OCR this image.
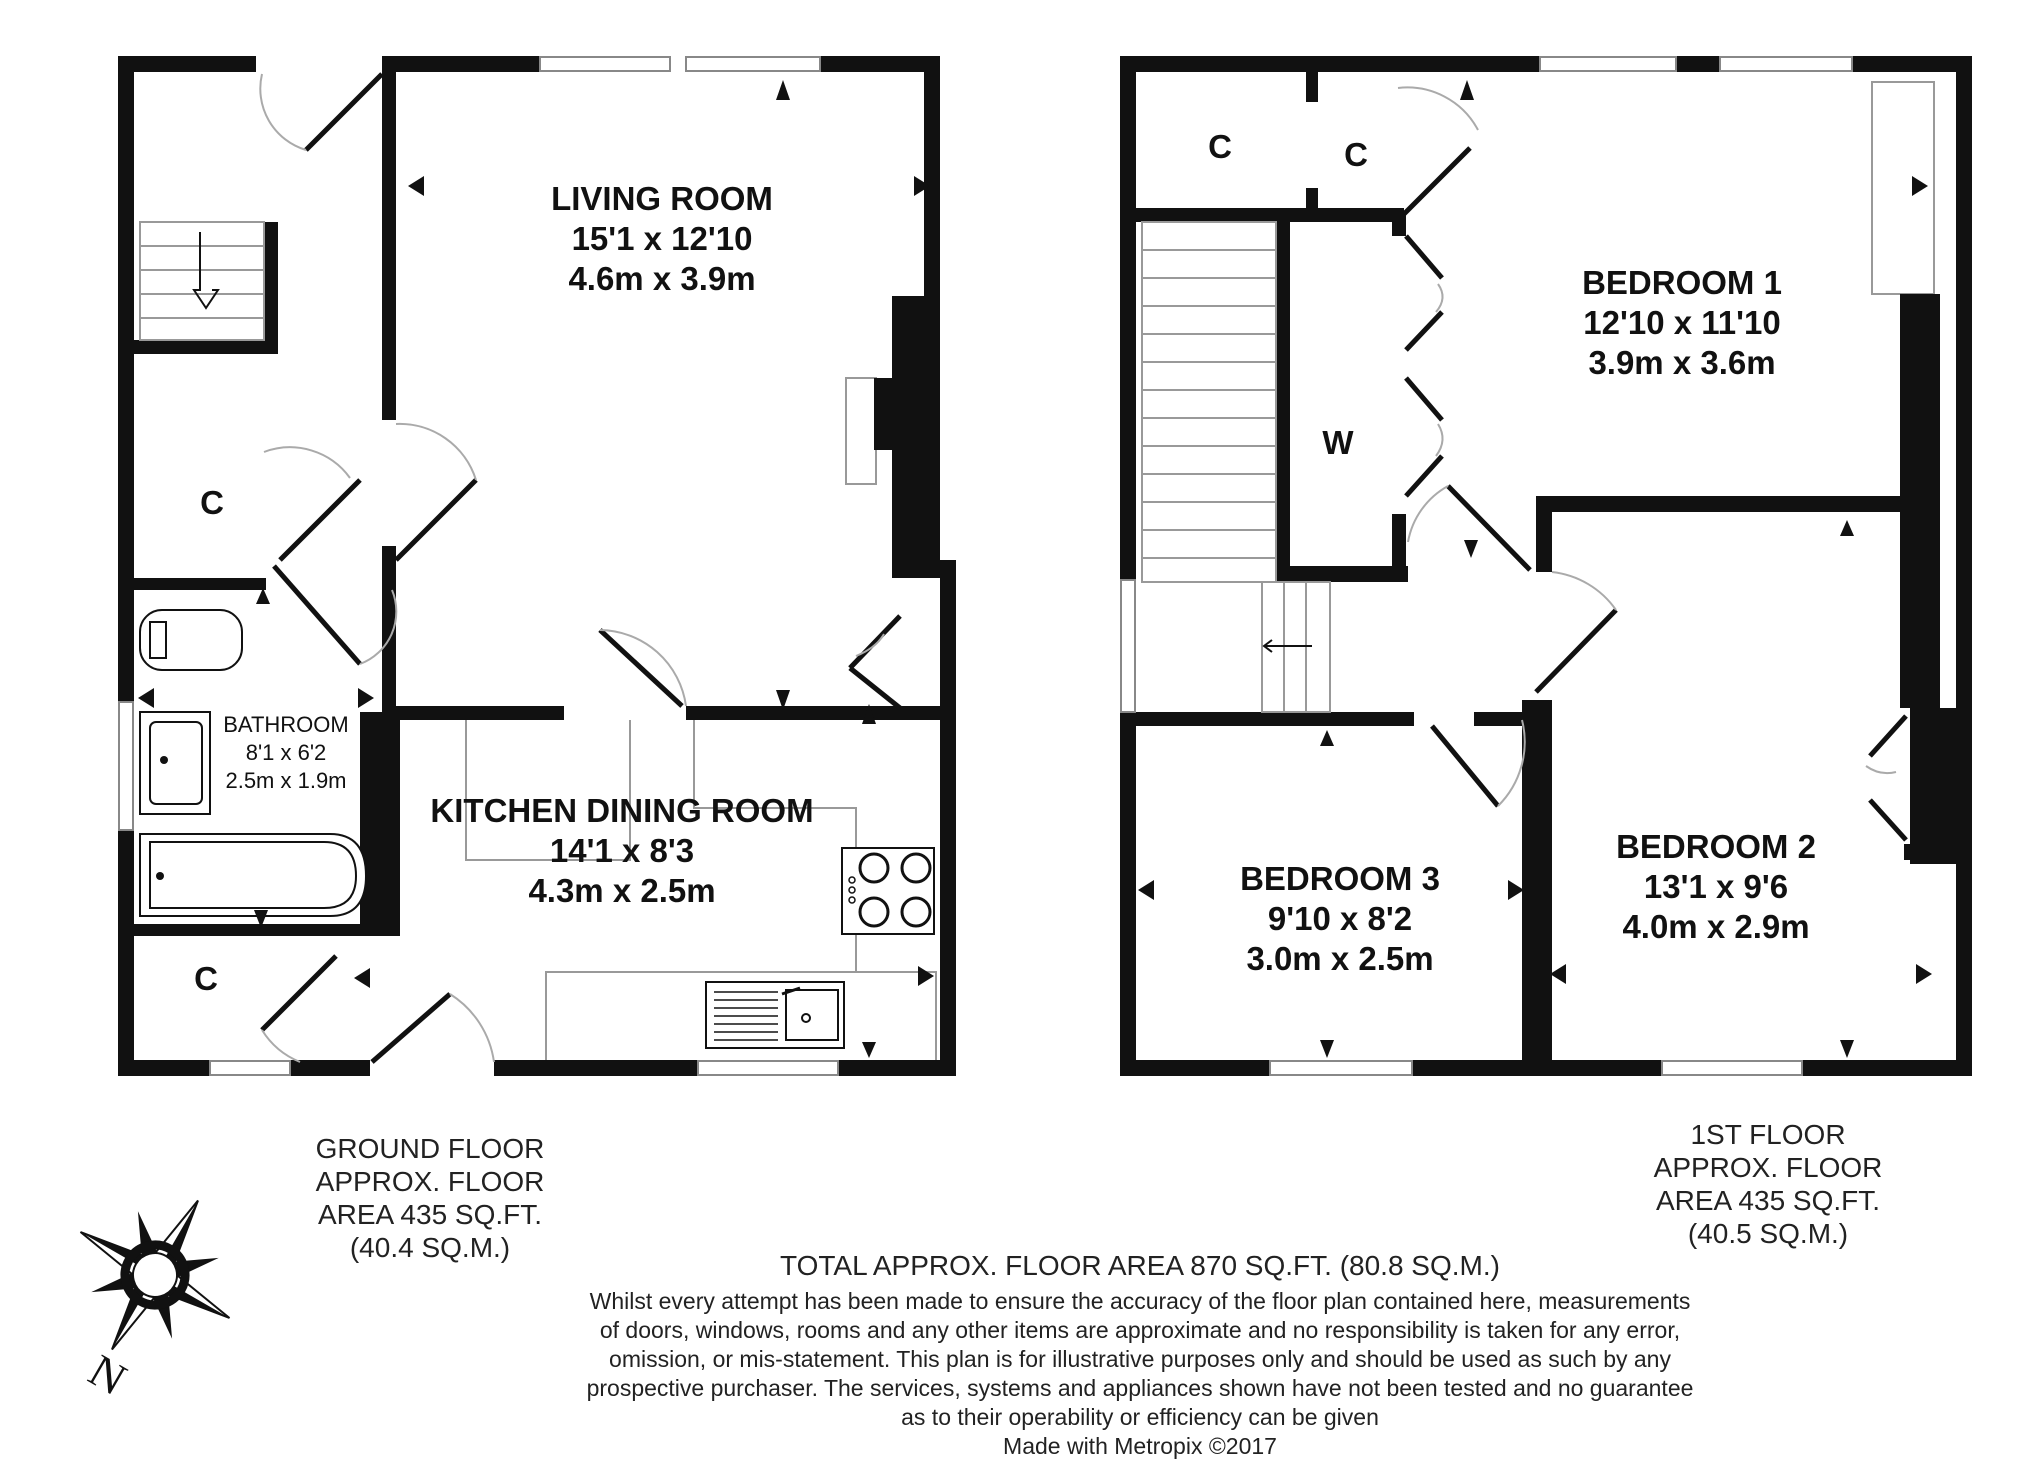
LIVING ROOM
15'1 x 12'10
4.6m x 3.9m
KITCHEN DINING ROOM
14'1 x 8'3
4.3m x 2.5m
BATHROOM
8'1 x 6'2
2.5m x 1.9m
C
C
BEDROOM 1
12'10 x 11'10
3.9m x 3.6m
BEDROOM 2
13'1 x 9'6
4.0m x 2.9m
BEDROOM 3
9'10 x 8'2
3.0m x 2.5m
C	C
W
GROUND FLOOR
APPROX. FLOOR
AREA 435 SQ.FT.
(40.4 SQ.M.)
1ST FLOOR
APPROX. FLOOR
AREA 435 SQ.FT.
(40.5 SQ.M.)
TOTAL APPROX. FLOOR AREA 870 SQ.FT. (80.8 SQ.M.)
Whilst every attempt has been made to ensure the accuracy of the floor plan contained here, measurements
of doors, windows, rooms and any other items are approximate and no responsibility is taken for any error,
omission, or mis-statement. This plan is for illustrative purposes only and should be used as such by any
prospective purchaser. The services, systems and appliances shown have not been tested and no guarantee
as to their operability or efficiency can be given
Made with Metropix ©2017
N
